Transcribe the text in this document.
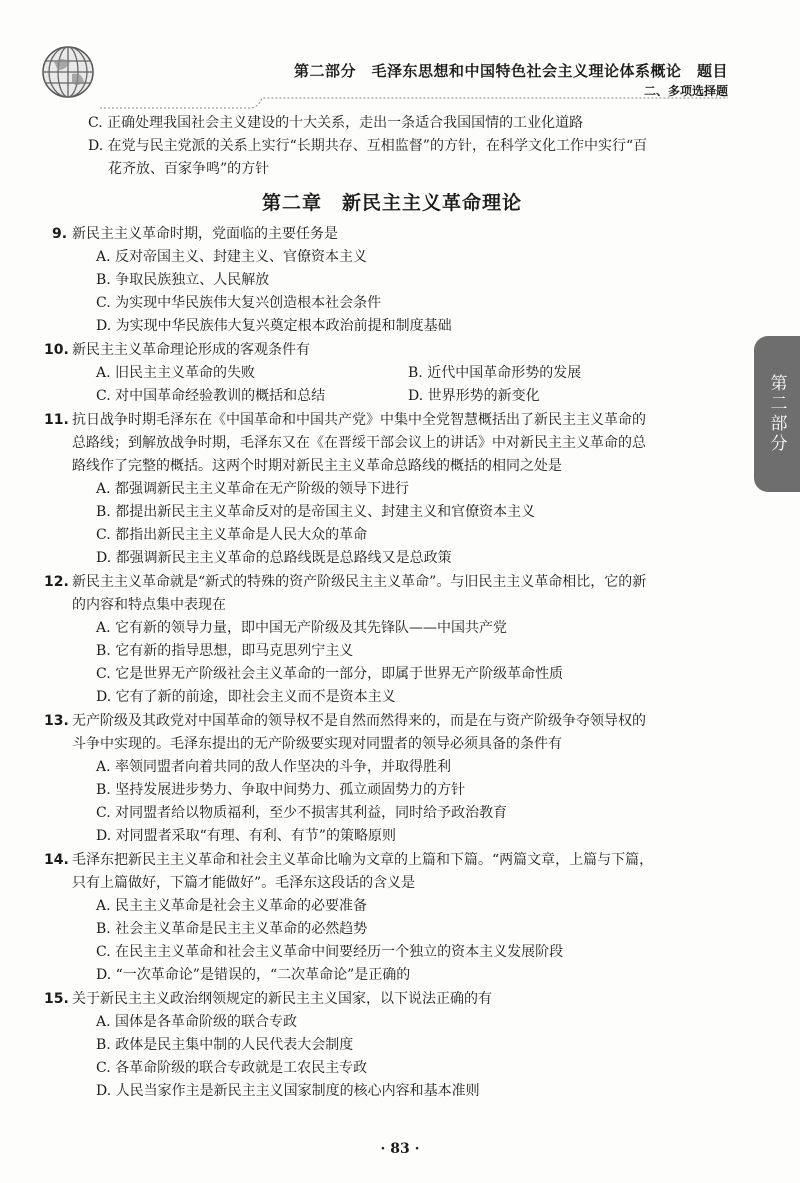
第二部分　毛泽东思想和中国特色社会主义理论体系概论　题目
二、多项选择题
C. 正确处理我国社会主义建设的十大关系，走出一条适合我国国情的工业化道路
D. 在党与民主党派的关系上实行“长期共存、互相监督”的方针，在科学文化工作中实行“百
花齐放、百家争鸣”的方针
第二章　新民主主义革命理论
9. 新民主主义革命时期，党面临的主要任务是
A. 反对帝国主义、封建主义、官僚资本主义
B. 争取民族独立、人民解放
C. 为实现中华民族伟大复兴创造根本社会条件
D. 为实现中华民族伟大复兴奠定根本政治前提和制度基础
10. 新民主主义革命理论形成的客观条件有
A. 旧民主主义革命的失败	B. 近代中国革命形势的发展
C. 对中国革命经验教训的概括和总结	D. 世界形势的新变化
11. 抗日战争时期毛泽东在《中国革命和中国共产党》中集中全党智慧概括出了新民主主义革命的
总路线；到解放战争时期，毛泽东又在《在晋绥干部会议上的讲话》中对新民主主义革命的总
路线作了完整的概括。这两个时期对新民主主义革命总路线的概括的相同之处是
A. 都强调新民主主义革命在无产阶级的领导下进行
B. 都提出新民主主义革命反对的是帝国主义、封建主义和官僚资本主义
C. 都指出新民主主义革命是人民大众的革命
D. 都强调新民主主义革命的总路线既是总路线又是总政策
12. 新民主主义革命就是“新式的特殊的资产阶级民主主义革命”。与旧民主主义革命相比，它的新
的内容和特点集中表现在
A. 它有新的领导力量，即中国无产阶级及其先锋队——中国共产党
B. 它有新的指导思想，即马克思列宁主义
C. 它是世界无产阶级社会主义革命的一部分，即属于世界无产阶级革命性质
D. 它有了新的前途，即社会主义而不是资本主义
13. 无产阶级及其政党对中国革命的领导权不是自然而然得来的，而是在与资产阶级争夺领导权的
斗争中实现的。毛泽东提出的无产阶级要实现对同盟者的领导必须具备的条件有
A. 率领同盟者向着共同的敌人作坚决的斗争，并取得胜利
B. 坚持发展进步势力、争取中间势力、孤立顽固势力的方针
C. 对同盟者给以物质福利，至少不损害其利益，同时给予政治教育
D. 对同盟者采取“有理、有利、有节”的策略原则
14. 毛泽东把新民主主义革命和社会主义革命比喻为文章的上篇和下篇。“两篇文章，上篇与下篇，
只有上篇做好，下篇才能做好”。毛泽东这段话的含义是
A. 民主主义革命是社会主义革命的必要准备
B. 社会主义革命是民主主义革命的必然趋势
C. 在民主主义革命和社会主义革命中间要经历一个独立的资本主义发展阶段
D. “一次革命论”是错误的，“二次革命论”是正确的
15. 关于新民主主义政治纲领规定的新民主主义国家，以下说法正确的有
A. 国体是各革命阶级的联合专政
B. 政体是民主集中制的人民代表大会制度
C. 各革命阶级的联合专政就是工农民主专政
D. 人民当家作主是新民主主义国家制度的核心内容和基本准则
第二部分
· 83 ·
